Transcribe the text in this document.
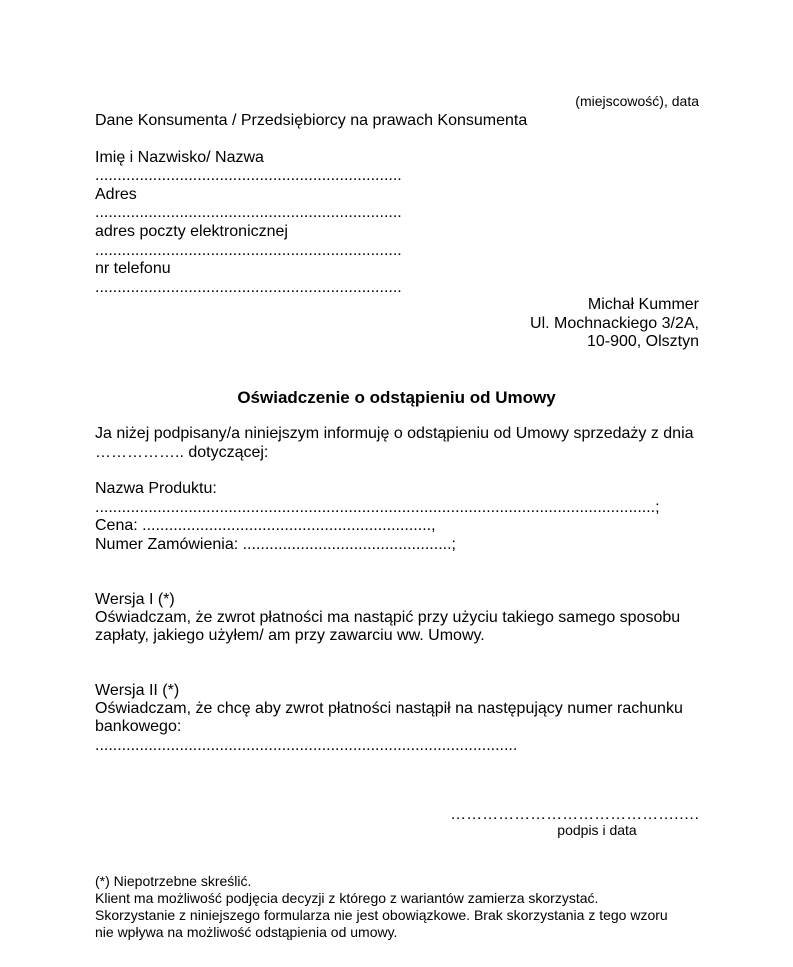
(miejscowość), data
Dane Konsumenta / Przedsiębiorcy na prawach Konsumenta
Imię i Nazwisko/ Nazwa
.....................................................................
Adres
.....................................................................
adres poczty elektronicznej
.....................................................................
nr telefonu
.....................................................................
Michał Kummer
Ul. Mochnackiego 3/2A,
10-900, Olsztyn
Oświadczenie o odstąpieniu od Umowy
Ja niżej podpisany/a niniejszym informuję o odstąpieniu od Umowy sprzedaży z dnia
…………….. dotyczącej:
Nazwa Produktu:
..............................................................................................................................;
Cena: .................................................................,
Numer Zamówienia: ...............................................;
Wersja I (*)
Oświadczam, że zwrot płatności ma nastąpić przy użyciu takiego samego sposobu
zapłaty, jakiego użyłem/ am przy zawarciu ww. Umowy.
Wersja II (*)
Oświadczam, że chcę aby zwrot płatności nastąpił na następujący numer rachunku
bankowego:
...............................................................................................
…………………………………….….
podpis i data
(*) Niepotrzebne skreślić.
Klient ma możliwość podjęcia decyzji z którego z wariantów zamierza skorzystać.
Skorzystanie z niniejszego formularza nie jest obowiązkowe. Brak skorzystania z tego wzoru
nie wpływa na możliwość odstąpienia od umowy.
